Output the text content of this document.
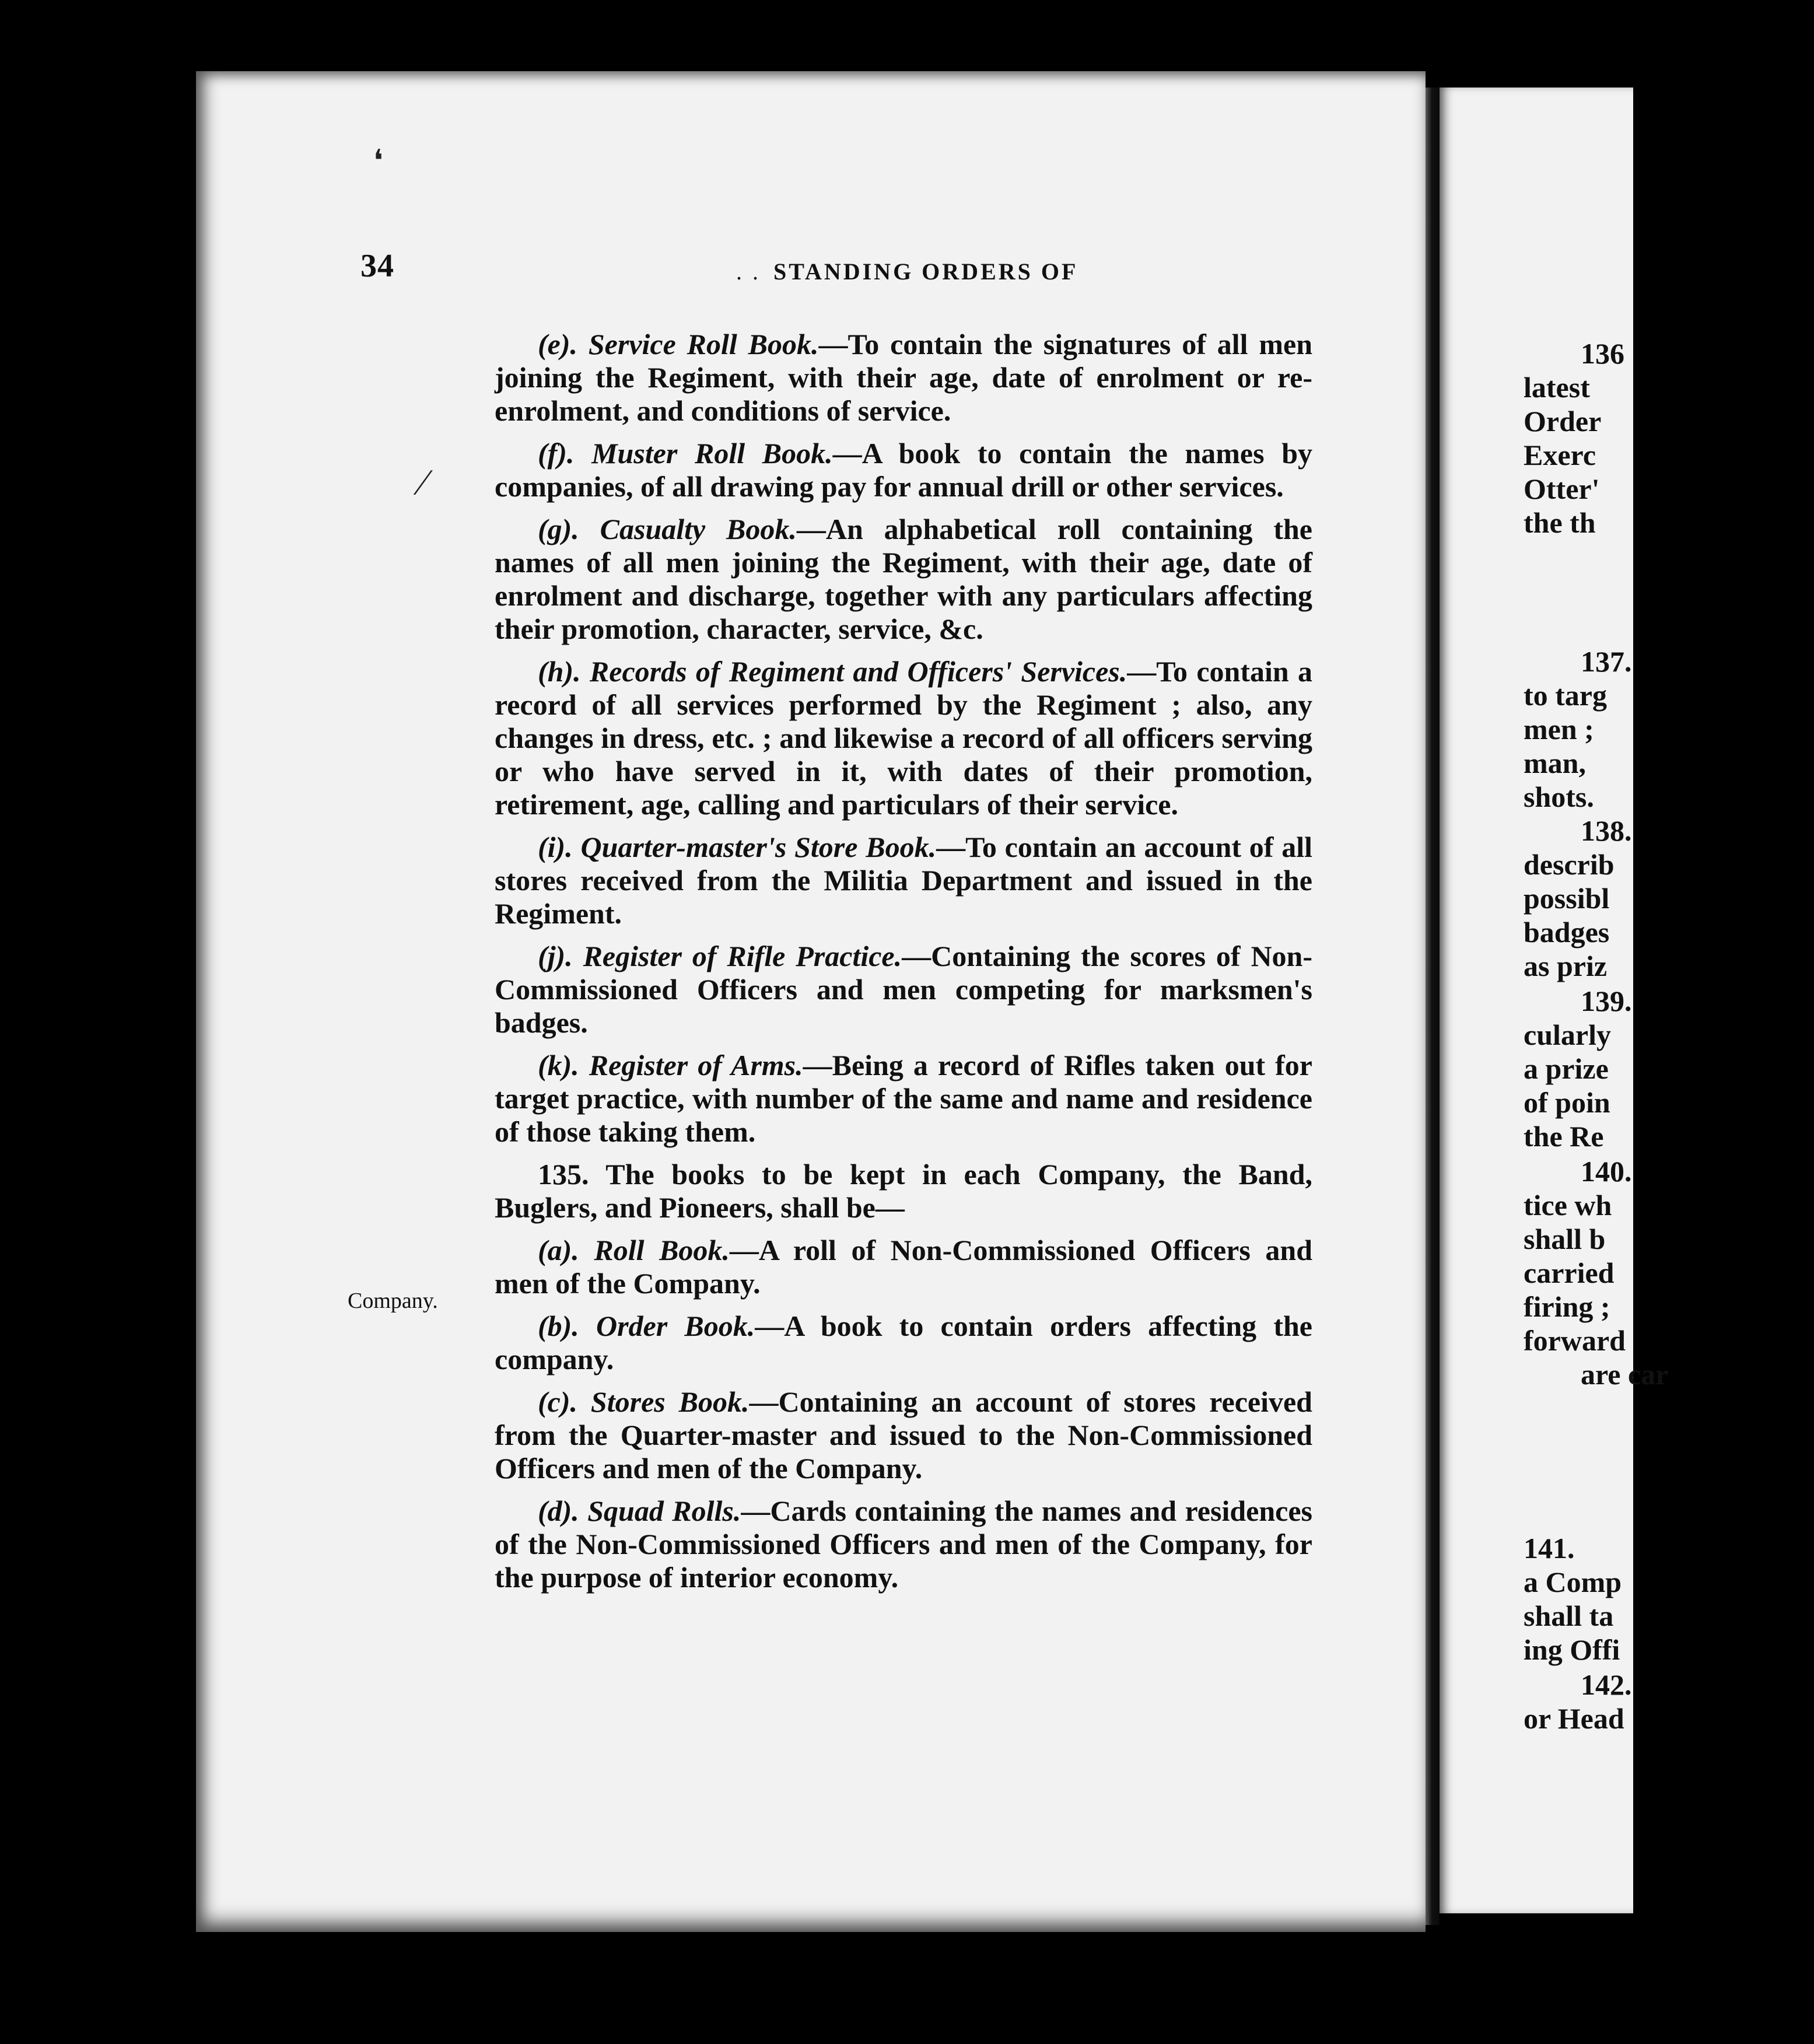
136
latest
Order
Exerc
Otter'
the th
137.
to targ
men ;
man,
shots.
138.
describ
possibl
badges
as priz
139.
cularly
a prize
of poin
the Re
140.
tice wh
shall b
carried
firing ;
forward
are car
141.
a Comp
shall ta
ing Offi
142.
or Head
34	. . STANDING ORDERS OF
❛
⁄
Company.

(e). Service Roll Book.—To contain the signatures of all men joining the Regiment, with their age, date of enrolment or re-enrolment, and conditions of service.

(f). Muster Roll Book.—A book to contain the names by companies, of all drawing pay for annual drill or other services.

(g). Casualty Book.—An alphabetical roll containing the names of all men joining the Regiment, with their age, date of enrolment and discharge, together with any particulars affecting their promotion, character, service, &c.

(h). Records of Regiment and Officers' Services.—To contain a record of all services performed by the Regiment ; also, any changes in dress, etc. ; and likewise a record of all officers serving or who have served in it, with dates of their promotion, retirement, age, calling and particulars of their service.

(i). Quarter-master's Store Book.—To contain an account of all stores received from the Militia Department and issued in the Regiment.

(j). Register of Rifle Practice.—Containing the scores of Non-Commissioned Officers and men competing for marksmen's badges.

(k). Register of Arms.—Being a record of Rifles taken out for target practice, with number of the same and name and residence of those taking them.

135. The books to be kept in each Company, the Band, Buglers, and Pioneers, shall be—

(a). Roll Book.—A roll of Non-Commissioned Officers and men of the Company.

(b). Order Book.—A book to contain orders affecting the company.

(c). Stores Book.—Containing an account of stores received from the Quarter-master and issued to the Non-Commissioned Officers and men of the Company.

(d). Squad Rolls.—Cards containing the names and residences of the Non-Commissioned Officers and men of the Company, for the purpose of interior economy.
